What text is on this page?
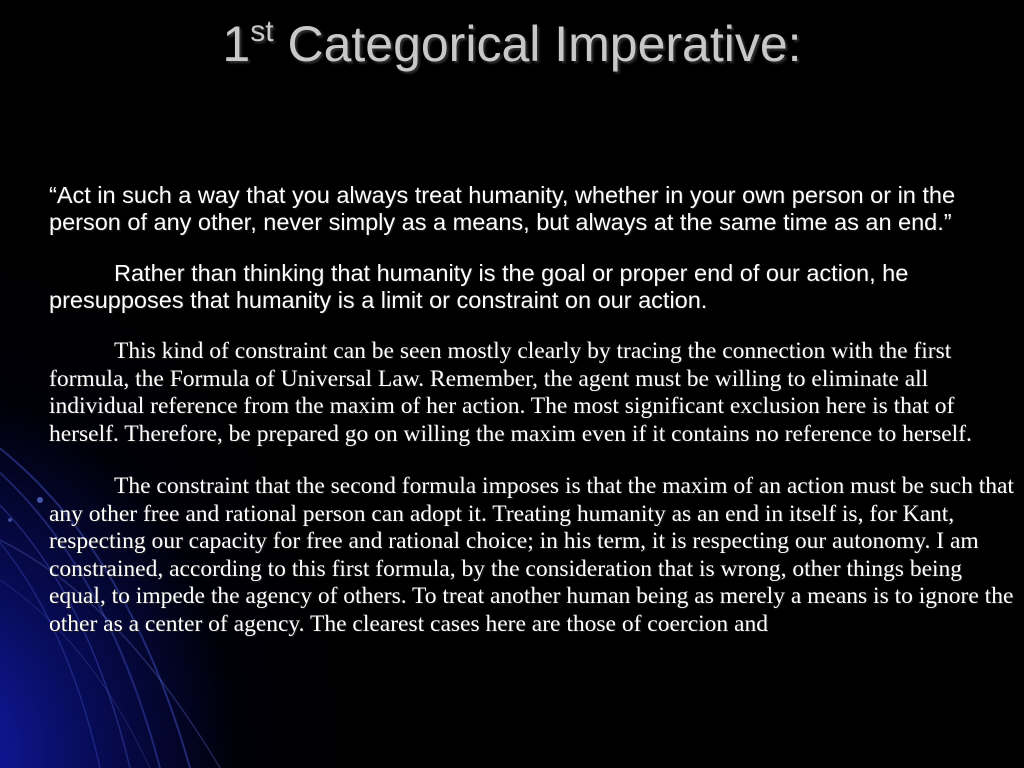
1st Categorical Imperative:

“Act in such a way that you always treat humanity, whether in your own person or in the person of any other, never simply as a means, but always at the same time as an end.”

Rather than thinking that humanity is the goal or proper end of our action, he presupposes that humanity is a limit or constraint on our action.

This kind of constraint can be seen mostly clearly by tracing the connection with the first formula, the Formula of Universal Law. Remember, the agent must be willing to eliminate all individual reference from the maxim of her action. The most significant exclusion here is that of herself. Therefore, be prepared go on willing the maxim even if it contains no reference to herself.

The constraint that the second formula imposes is that the maxim of an action must be such that any other free and rational person can adopt it. Treating humanity as an end in itself is, for Kant, respecting our capacity for free and rational choice; in his term, it is respecting our autonomy. I am constrained, according to this first formula, by the consideration that is wrong, other things being equal, to impede the agency of others. To treat another human being as merely a means is to ignore the other as a center of agency. The clearest cases here are those of coercion and
